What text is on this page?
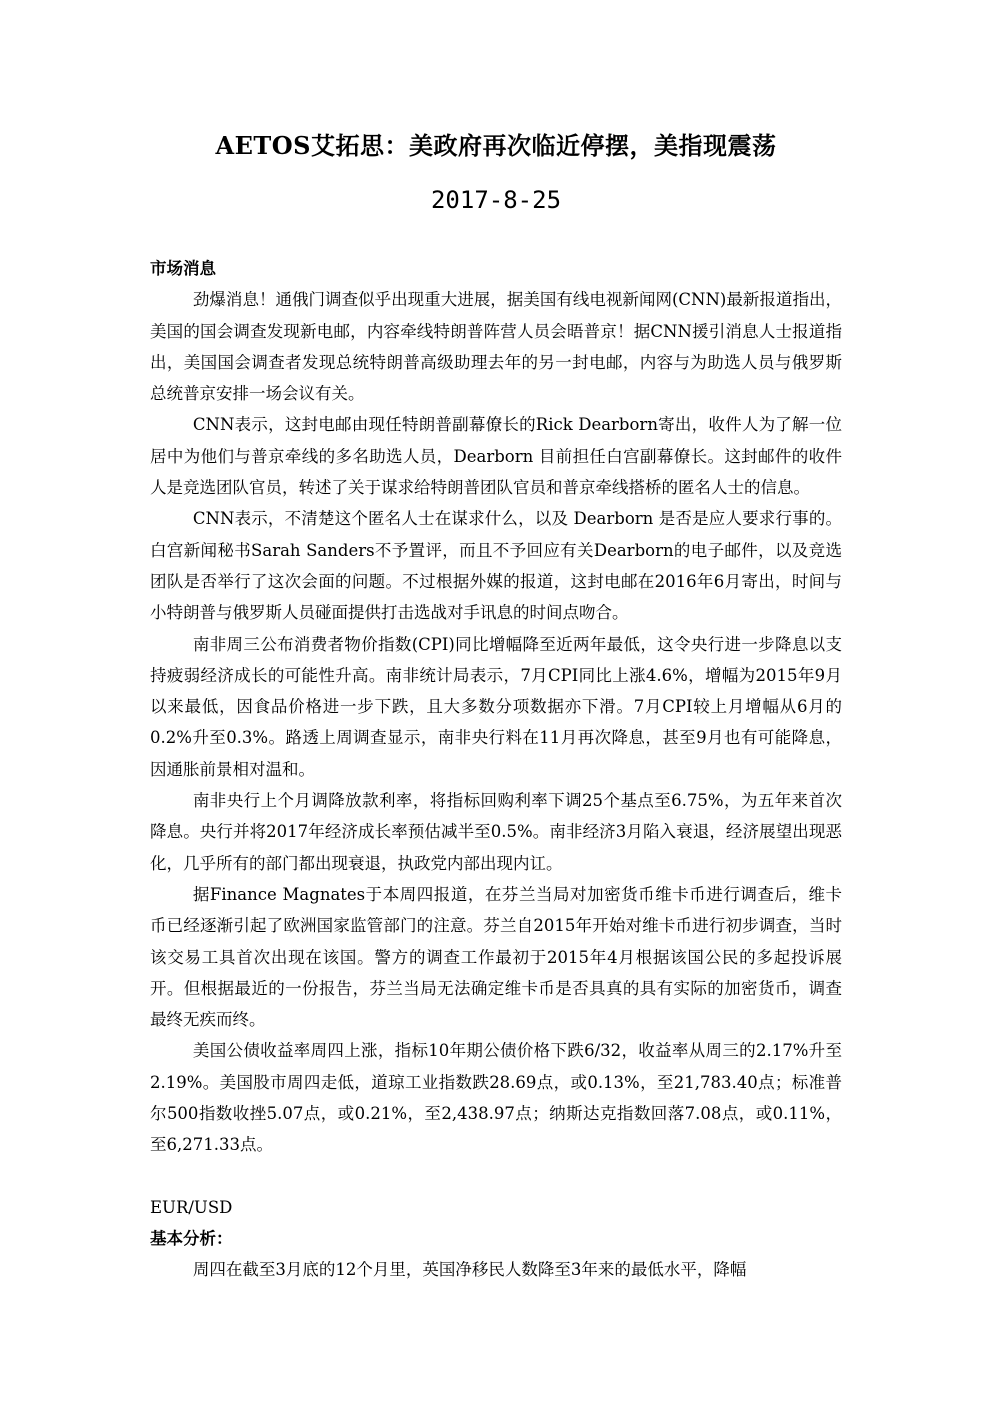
AETOS艾拓思：美政府再次临近停摆，美指现震荡
2017-8-25

市场消息

劲爆消息！通俄门调查似乎出现重大进展，据美国有线电视新闻网(CNN)最新报道指出，美国的国会调查发现新电邮，内容牵线特朗普阵营人员会晤普京！据CNN援引消息人士报道指出，美国国会调查者发现总统特朗普高级助理去年的另一封电邮，内容与为助选人员与俄罗斯总统普京安排一场会议有关。

CNN表示，这封电邮由现任特朗普副幕僚长的Rick Dearborn寄出，收件人为了解一位居中为他们与普京牵线的多名助选人员，Dearborn 目前担任白宫副幕僚长。这封邮件的收件人是竞选团队官员，转述了关于谋求给特朗普团队官员和普京牵线搭桥的匿名人士的信息。

CNN表示，不清楚这个匿名人士在谋求什么，以及 Dearborn 是否是应人要求行事的。白宫新闻秘书Sarah Sanders不予置评，而且不予回应有关Dearborn的电子邮件，以及竞选团队是否举行了这次会面的问题。不过根据外媒的报道，这封电邮在2016年6月寄出，时间与小特朗普与俄罗斯人员碰面提供打击选战对手讯息的时间点吻合。

南非周三公布消费者物价指数(CPI)同比增幅降至近两年最低，这令央行进一步降息以支持疲弱经济成长的可能性升高。南非统计局表示，7月CPI同比上涨4.6%，增幅为2015年9月以来最低，因食品价格进一步下跌，且大多数分项数据亦下滑。7月CPI较上月增幅从6月的0.2%升至0.3%。路透上周调查显示，南非央行料在11月再次降息，甚至9月也有可能降息，因通胀前景相对温和。

南非央行上个月调降放款利率，将指标回购利率下调25个基点至6.75%，为五年来首次降息。央行并将2017年经济成长率预估减半至0.5%。南非经济3月陷入衰退，经济展望出现恶化，几乎所有的部门都出现衰退，执政党内部出现内讧。

据Finance Magnates于本周四报道，在芬兰当局对加密货币维卡币进行调查后，维卡币已经逐渐引起了欧洲国家监管部门的注意。芬兰自2015年开始对维卡币进行初步调查，当时该交易工具首次出现在该国。警方的调查工作最初于2015年4月根据该国公民的多起投诉展开。但根据最近的一份报告，芬兰当局无法确定维卡币是否具真的具有实际的加密货币，调查最终无疾而终。

美国公债收益率周四上涨，指标10年期公债价格下跌6/32，收益率从周三的2.17%升至2.19%。美国股市周四走低，道琼工业指数跌28.69点，或0.13%，至21,783.40点；标准普尔500指数收挫5.07点，或0.21%，至2,438.97点；纳斯达克指数回落7.08点，或0.11%，至6,271.33点。

EUR/USD

基本分析：

周四在截至3月底的12个月里，英国净移民人数降至3年来的最低水平，降幅
